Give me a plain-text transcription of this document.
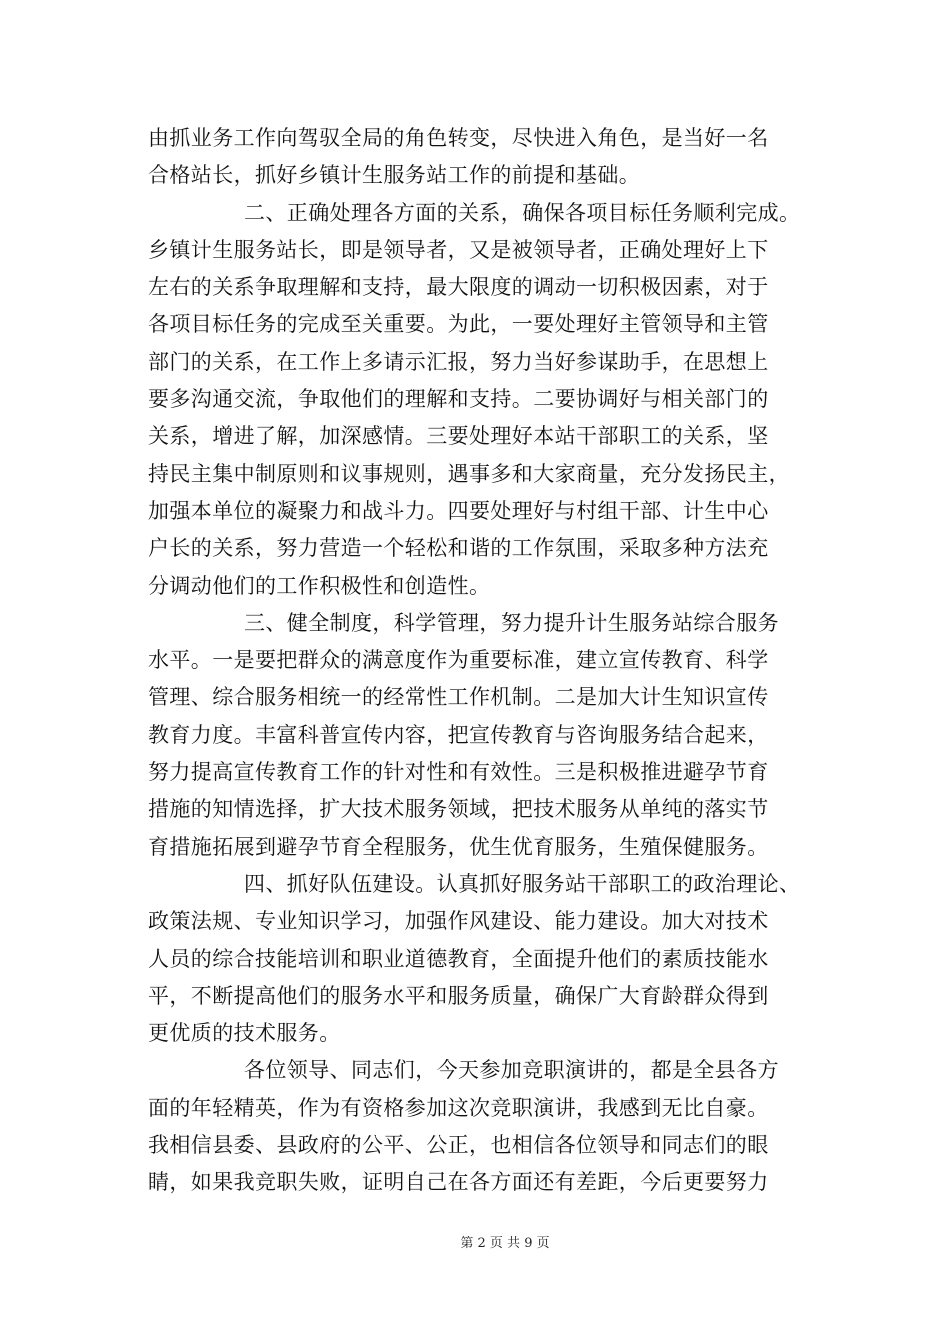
由抓业务工作向驾驭全局的角色转变，尽快进入角色，是当好一名
合格站长，抓好乡镇计生服务站工作的前提和基础。
二、正确处理各方面的关系，确保各项目标任务顺利完成。
乡镇计生服务站长，即是领导者，又是被领导者，正确处理好上下
左右的关系争取理解和支持，最大限度的调动一切积极因素，对于
各项目标任务的完成至关重要。为此，一要处理好主管领导和主管
部门的关系，在工作上多请示汇报，努力当好参谋助手，在思想上
要多沟通交流，争取他们的理解和支持。二要协调好与相关部门的
关系，增进了解，加深感情。三要处理好本站干部职工的关系，坚
持民主集中制原则和议事规则，遇事多和大家商量，充分发扬民主，
加强本单位的凝聚力和战斗力。四要处理好与村组干部、计生中心
户长的关系，努力营造一个轻松和谐的工作氛围，采取多种方法充
分调动他们的工作积极性和创造性。
三、健全制度，科学管理，努力提升计生服务站综合服务
水平。一是要把群众的满意度作为重要标准，建立宣传教育、科学
管理、综合服务相统一的经常性工作机制。二是加大计生知识宣传
教育力度。丰富科普宣传内容，把宣传教育与咨询服务结合起来，
努力提高宣传教育工作的针对性和有效性。三是积极推进避孕节育
措施的知情选择，扩大技术服务领域，把技术服务从单纯的落实节
育措施拓展到避孕节育全程服务，优生优育服务，生殖保健服务。
四、抓好队伍建设。认真抓好服务站干部职工的政治理论、
政策法规、专业知识学习，加强作风建设、能力建设。加大对技术
人员的综合技能培训和职业道德教育，全面提升他们的素质技能水
平，不断提高他们的服务水平和服务质量，确保广大育龄群众得到
更优质的技术服务。
各位领导、同志们，今天参加竞职演讲的，都是全县各方
面的年轻精英，作为有资格参加这次竞职演讲，我感到无比自豪。
我相信县委、县政府的公平、公正，也相信各位领导和同志们的眼
睛，如果我竞职失败，证明自己在各方面还有差距，今后更要努力
第 2 页 共 9 页
